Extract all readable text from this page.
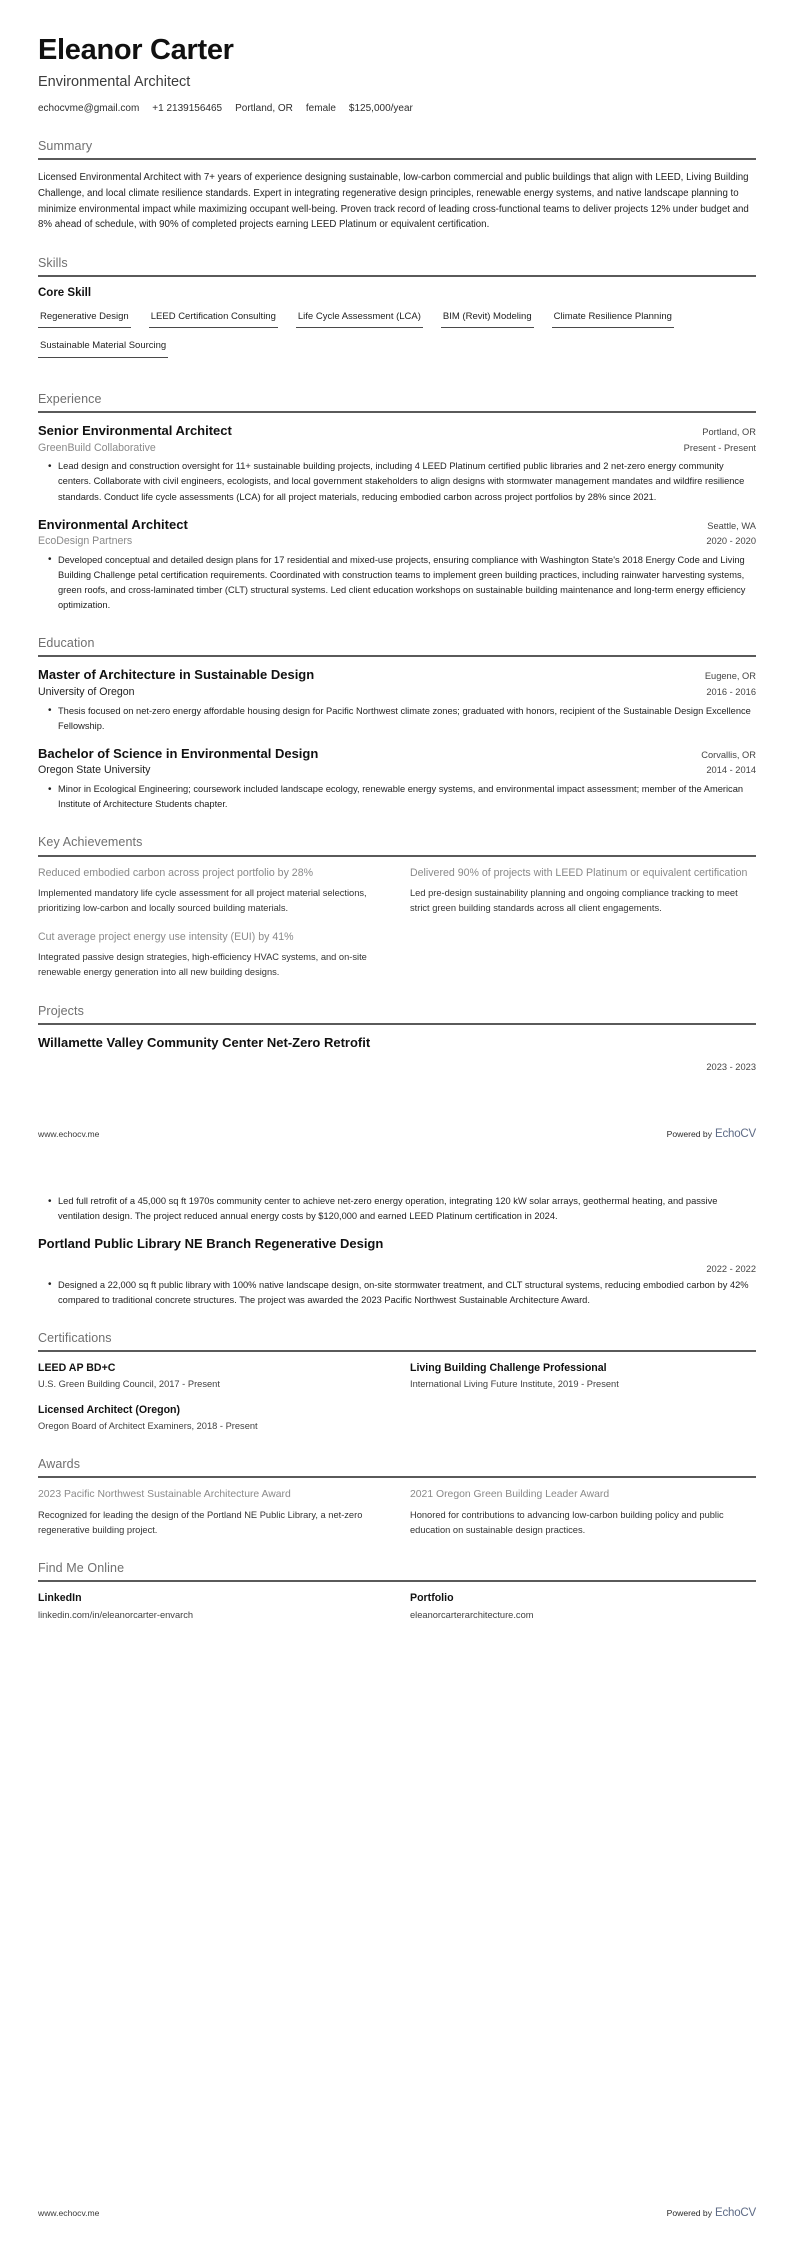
Eleanor Carter
Environmental Architect
echocvme@gmail.com +1 2139156465 Portland, OR female $125,000/year
Summary

Licensed Environmental Architect with 7+ years of experience designing sustainable, low-carbon commercial and public buildings that align with LEED, Living Building Challenge, and local climate resilience standards. Expert in integrating regenerative design principles, renewable energy systems, and native landscape planning to minimize environmental impact while maximizing occupant well-being. Proven track record of leading cross-functional teams to deliver projects 12% under budget and 8% ahead of schedule, with 90% of completed projects earning LEED Platinum or equivalent certification.

Skills
Core Skill
Regenerative Design LEED Certification Consulting Life Cycle Assessment (LCA) BIM (Revit) Modeling Climate Resilience Planning
Sustainable Material Sourcing
Experience
Senior Environmental Architect	Portland, OR
GreenBuild Collaborative	Present - Present
• Lead design and construction oversight for 11+ sustainable building projects, including 4 LEED Platinum certified public libraries and 2 net-zero energy community centers. Collaborate with civil engineers, ecologists, and local government stakeholders to align designs with stormwater management mandates and wildfire resilience standards. Conduct life cycle assessments (LCA) for all project materials, reducing embodied carbon across project portfolios by 28% since 2021.
Environmental Architect	Seattle, WA
EcoDesign Partners	2020 - 2020
• Developed conceptual and detailed design plans for 17 residential and mixed-use projects, ensuring compliance with Washington State's 2018 Energy Code and Living Building Challenge petal certification requirements. Coordinated with construction teams to implement green building practices, including rainwater harvesting systems, green roofs, and cross-laminated timber (CLT) structural systems. Led client education workshops on sustainable building maintenance and long-term energy efficiency optimization.
Education
Master of Architecture in Sustainable Design	Eugene, OR
University of Oregon	2016 - 2016
• Thesis focused on net-zero energy affordable housing design for Pacific Northwest climate zones; graduated with honors, recipient of the Sustainable Design Excellence Fellowship.
Bachelor of Science in Environmental Design	Corvallis, OR
Oregon State University	2014 - 2014
• Minor in Ecological Engineering; coursework included landscape ecology, renewable energy systems, and environmental impact assessment; member of the American Institute of Architecture Students chapter.
Key Achievements
Reduced embodied carbon across project portfolio by 28%
Implemented mandatory life cycle assessment for all project material selections, prioritizing low-carbon and locally sourced building materials.
Cut average project energy use intensity (EUI) by 41%
Integrated passive design strategies, high-efficiency HVAC systems, and on-site renewable energy generation into all new building designs.
Delivered 90% of projects with LEED Platinum or equivalent certification
Led pre-design sustainability planning and ongoing compliance tracking to meet strict green building standards across all client engagements.
Projects
Willamette Valley Community Center Net-Zero Retrofit
2023 - 2023
• Led full retrofit of a 45,000 sq ft 1970s community center to achieve net-zero energy operation, integrating 120 kW solar arrays, geothermal heating, and passive ventilation design. The project reduced annual energy costs by $120,000 and earned LEED Platinum certification in 2024.
Portland Public Library NE Branch Regenerative Design
2022 - 2022
• Designed a 22,000 sq ft public library with 100% native landscape design, on-site stormwater treatment, and CLT structural systems, reducing embodied carbon by 42% compared to traditional concrete structures. The project was awarded the 2023 Pacific Northwest Sustainable Architecture Award.
Certifications
LEED AP BD+C
U.S. Green Building Council, 2017 - Present
Licensed Architect (Oregon)
Oregon Board of Architect Examiners, 2018 - Present
Living Building Challenge Professional
International Living Future Institute, 2019 - Present
Awards
2023 Pacific Northwest Sustainable Architecture Award
Recognized for leading the design of the Portland NE Public Library, a net-zero regenerative building project.
2021 Oregon Green Building Leader Award
Honored for contributions to advancing low-carbon building policy and public education on sustainable design practices.
Find Me Online
LinkedIn
linkedin.com/in/eleanorcarter-envarch
Portfolio
eleanorcarterarchitecture.com
www.echocv.me	Powered by EchoCV
www.echocv.me	Powered by EchoCV
